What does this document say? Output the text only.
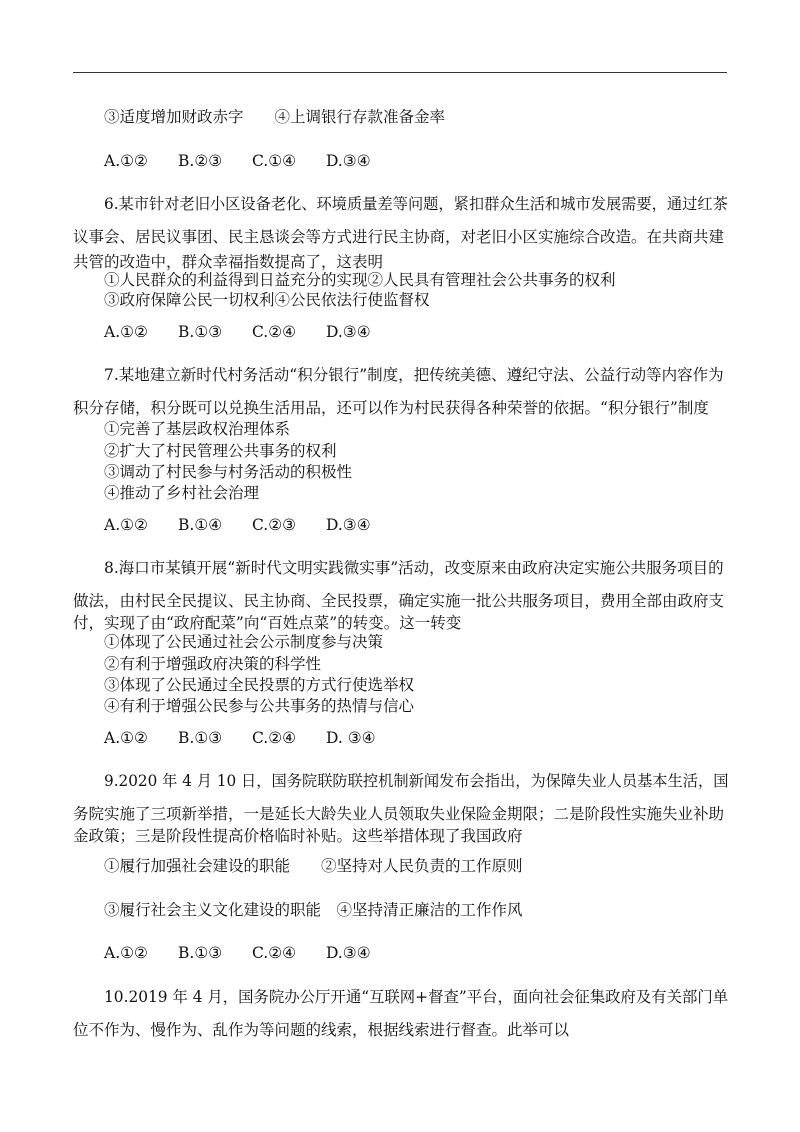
③适度增加财政赤字　　④上调银行存款准备金率
A.①② B.②③ C.①④ D.③④
6.某市针对老旧小区设备老化、环境质量差等问题，紧扣群众生活和城市发展需要，通过红茶
议事会、居民议事团、民主恳谈会等方式进行民主协商，对老旧小区实施综合改造。在共商共建
共管的改造中，群众幸福指数提高了，这表明
①人民群众的利益得到日益充分的实现②人民具有管理社会公共事务的权利
③政府保障公民一切权利④公民依法行使监督权
A.①② B.①③ C.②④ D.③④
7.某地建立新时代村务活动“积分银行”制度，把传统美德、遵纪守法、公益行动等内容作为
积分存储，积分既可以兑换生活用品，还可以作为村民获得各种荣誉的依据。“积分银行”制度
①完善了基层政权治理体系
②扩大了村民管理公共事务的权利
③调动了村民参与村务活动的积极性
④推动了乡村社会治理
A.①② B.①④ C.②③ D.③④
8.海口市某镇开展“新时代文明实践微实事”活动，改变原来由政府决定实施公共服务项目的
做法，由村民全民提议、民主协商、全民投票，确定实施一批公共服务项目，费用全部由政府支
付，实现了由“政府配菜”向“百姓点菜”的转变。这一转变
①体现了公民通过社会公示制度参与决策
②有利于增强政府决策的科学性
③体现了公民通过全民投票的方式行使选举权
④有利于增强公民参与公共事务的热情与信心
A.①② B.①③ C.②④ D. ③④
9.2020 年 4 月 10 日，国务院联防联控机制新闻发布会指出，为保障失业人员基本生活，国
务院实施了三项新举措，一是延长大龄失业人员领取失业保险金期限；二是阶段性实施失业补助
金政策；三是阶段性提高价格临时补贴。这些举措体现了我国政府
①履行加强社会建设的职能　　②坚持对人民负责的工作原则
③履行社会主义文化建设的职能　④坚持清正廉洁的工作作风
A.①② B.①③ C.②④ D.③④
10.2019 年 4 月，国务院办公厅开通“互联网+督查”平台，面向社会征集政府及有关部门单
位不作为、慢作为、乱作为等问题的线索，根据线索进行督查。此举可以
